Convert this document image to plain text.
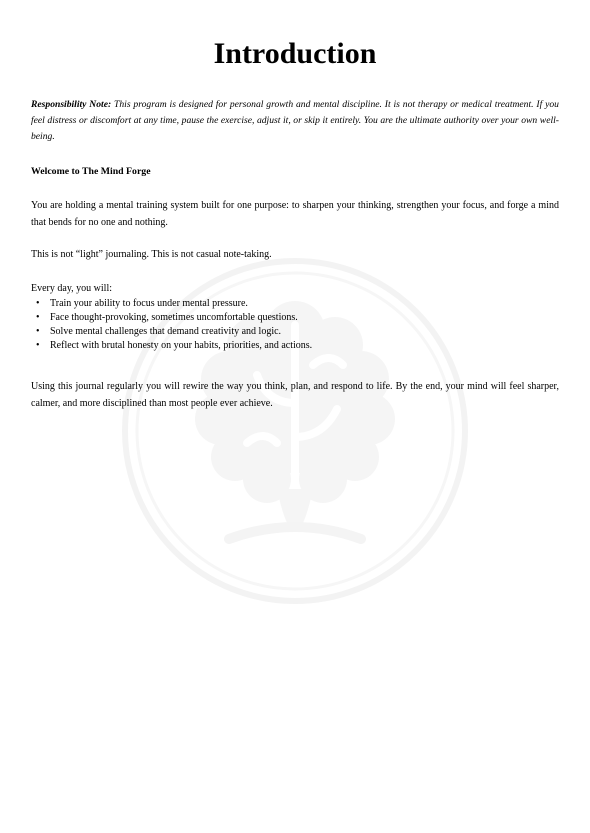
Introduction
Responsibility Note: This program is designed for personal growth and mental discipline. It is not therapy or medical treatment. If you feel distress or discomfort at any time, pause the exercise, adjust it, or skip it entirely. You are the ultimate authority over your own well-being.
Welcome to The Mind Forge
You are holding a mental training system built for one purpose: to sharpen your thinking, strengthen your focus, and forge a mind that bends for no one and nothing.
This is not “light” journaling. This is not casual note-taking.
Every day, you will:
• Train your ability to focus under mental pressure.
• Face thought-provoking, sometimes uncomfortable questions.
• Solve mental challenges that demand creativity and logic.
• Reflect with brutal honesty on your habits, priorities, and actions.
Using this journal regularly you will rewire the way you think, plan, and respond to life. By the end, your mind will feel sharper, calmer, and more disciplined than most people ever achieve.
